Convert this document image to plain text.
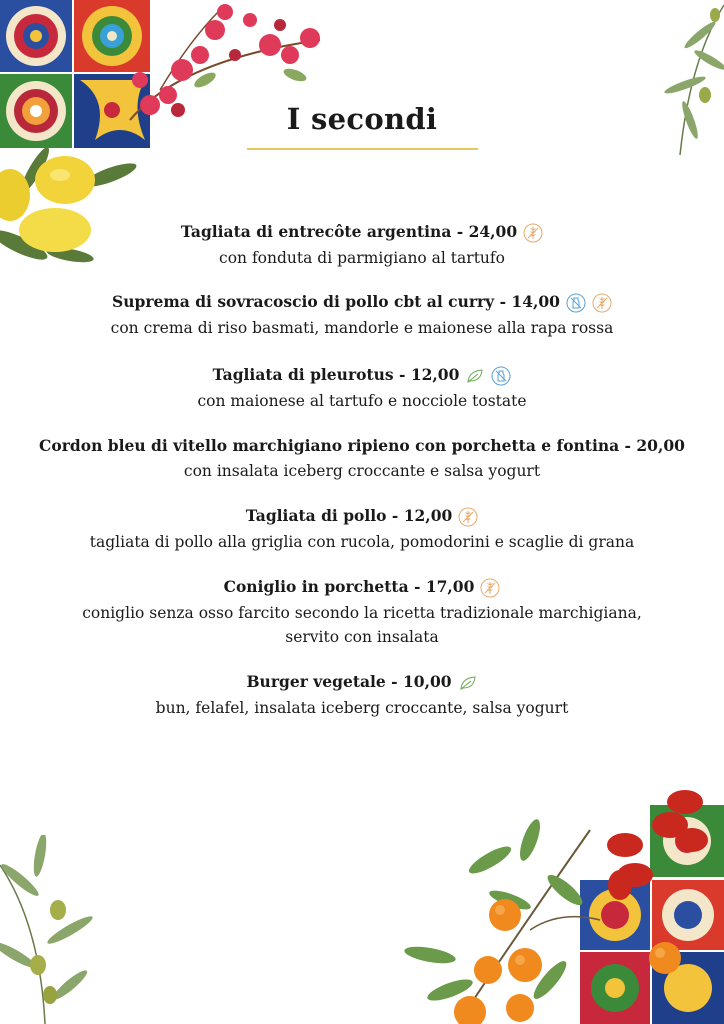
I secondi
Tagliata di entrecôte argentina - 24,00
con fonduta di parmigiano al tartufo
Suprema di sovracoscio di pollo cbt al curry - 14,00
con crema di riso basmati, mandorle e maionese alla rapa rossa
Tagliata di pleurotus - 12,00
con maionese al tartufo e nocciole tostate
Cordon bleu di vitello marchigiano ripieno con porchetta e fontina - 20,00
con insalata iceberg croccante e salsa yogurt
Tagliata di pollo - 12,00
tagliata di pollo alla griglia con rucola, pomodorini e scaglie di grana
Coniglio in porchetta - 17,00
coniglio senza osso farcito secondo la ricetta tradizionale marchigiana,
servito con insalata
Burger vegetale - 10,00
bun, felafel, insalata iceberg croccante, salsa yogurt
